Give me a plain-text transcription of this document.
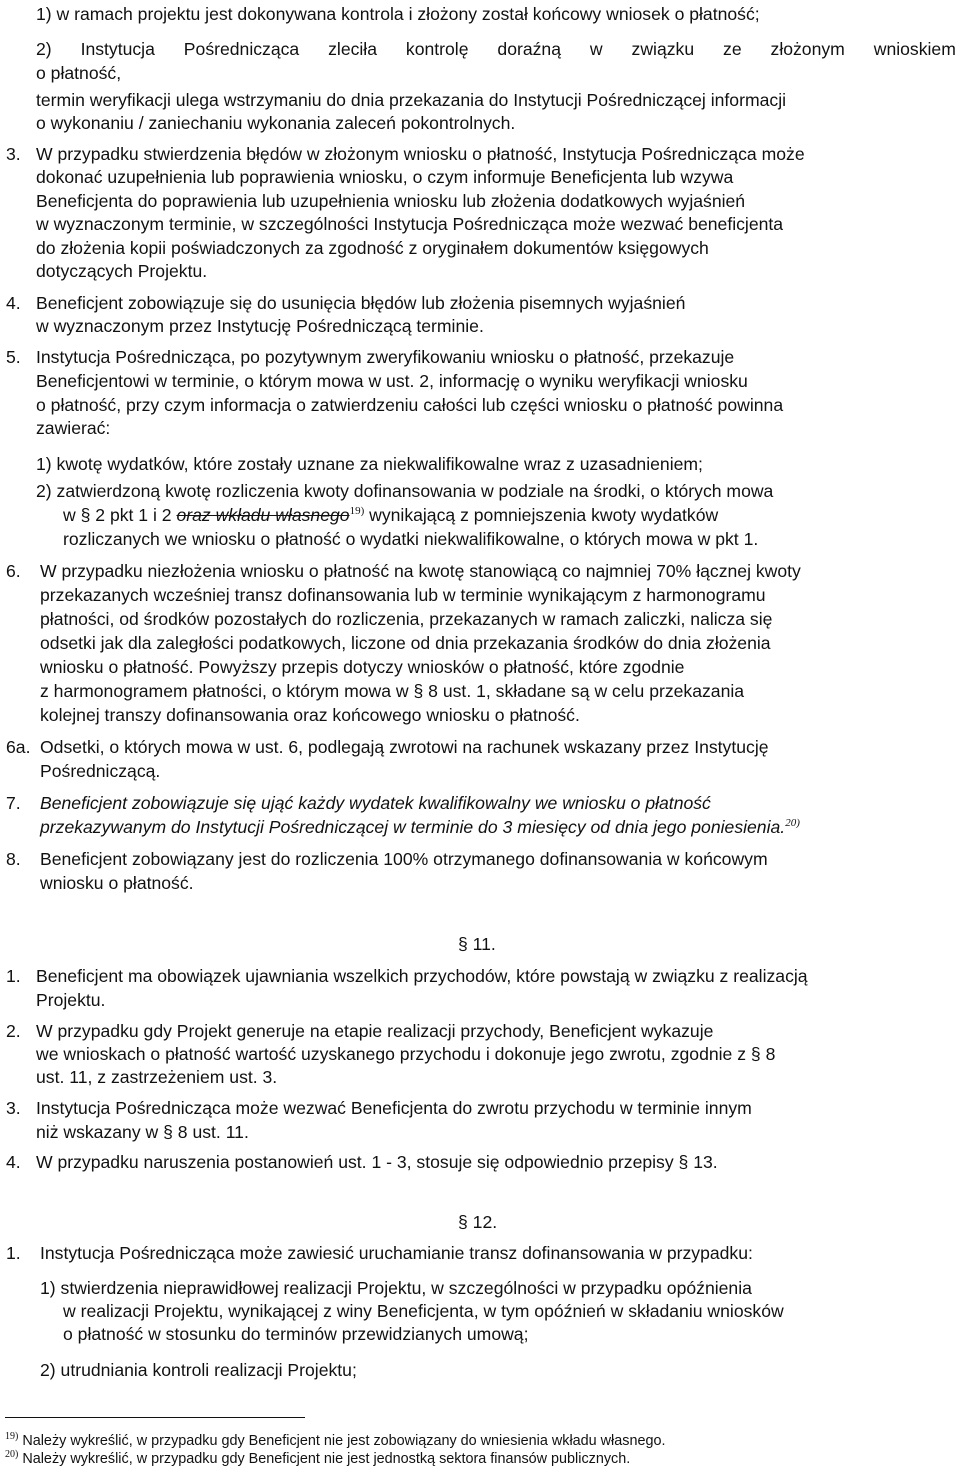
1) w ramach projektu jest dokonywana kontrola i złożony został końcowy wniosek o płatność;
2) Instytucja Pośrednicząca zleciła kontrolę doraźną w związku ze złożonym wnioskiem
o płatność,
termin weryfikacji ulega wstrzymaniu do dnia przekazania do Instytucji Pośredniczącej informacji
o wykonaniu / zaniechaniu wykonania zaleceń pokontrolnych.
3. W przypadku stwierdzenia błędów w złożonym wniosku o płatność, Instytucja Pośrednicząca może
dokonać uzupełnienia lub poprawienia wniosku, o czym informuje Beneficjenta lub wzywa
Beneficjenta do poprawienia lub uzupełnienia wniosku lub złożenia dodatkowych wyjaśnień
w wyznaczonym terminie, w szczególności Instytucja Pośrednicząca może wezwać beneficjenta
do złożenia kopii poświadczonych za zgodność z oryginałem dokumentów księgowych
dotyczących Projektu.
4. Beneficjent zobowiązuje się do usunięcia błędów lub złożenia pisemnych wyjaśnień
w wyznaczonym przez Instytucję Pośredniczącą terminie.
5. Instytucja Pośrednicząca, po pozytywnym zweryfikowaniu wniosku o płatność, przekazuje
Beneficjentowi w terminie, o którym mowa w ust. 2, informację o wyniku weryfikacji wniosku
o płatność, przy czym informacja o zatwierdzeniu całości lub części wniosku o płatność powinna
zawierać:
1) kwotę wydatków, które zostały uznane za niekwalifikowalne wraz z uzasadnieniem;
2) zatwierdzoną kwotę rozliczenia kwoty dofinansowania w podziale na środki, o których mowa
w § 2 pkt 1 i 2 oraz wkładu własnego$^{19)}$ wynikającą z pomniejszenia kwoty wydatków
rozliczanych we wniosku o płatność o wydatki niekwalifikowalne, o których mowa w pkt 1.
6. W przypadku niezłożenia wniosku o płatność na kwotę stanowiącą co najmniej 70% łącznej kwoty
przekazanych wcześniej transz dofinansowania lub w terminie wynikającym z harmonogramu
płatności, od środków pozostałych do rozliczenia, przekazanych w ramach zaliczki, nalicza się
odsetki jak dla zaległości podatkowych, liczone od dnia przekazania środków do dnia złożenia
wniosku o płatność. Powyższy przepis dotyczy wniosków o płatność, które zgodnie
z harmonogramem płatności, o którym mowa w § 8 ust. 1, składane są w celu przekazania
kolejnej transzy dofinansowania oraz końcowego wniosku o płatność.
6a. Odsetki, o których mowa w ust. 6, podlegają zwrotowi na rachunek wskazany przez Instytucję
Pośredniczącą.
7. Beneficjent zobowiązuje się ująć każdy wydatek kwalifikowalny we wniosku o płatność
przekazywanym do Instytucji Pośredniczącej w terminie do 3 miesięcy od dnia jego poniesienia.$^{20)}$
8. Beneficjent zobowiązany jest do rozliczenia 100% otrzymanego dofinansowania w końcowym
wniosku o płatność.
§ 11.
1. Beneficjent ma obowiązek ujawniania wszelkich przychodów, które powstają w związku z realizacją
Projektu.
2. W przypadku gdy Projekt generuje na etapie realizacji przychody, Beneficjent wykazuje
we wnioskach o płatność wartość uzyskanego przychodu i dokonuje jego zwrotu, zgodnie z § 8
ust. 11, z zastrzeżeniem ust. 3.
3. Instytucja Pośrednicząca może wezwać Beneficjenta do zwrotu przychodu w terminie innym
niż wskazany w § 8 ust. 11.
4. W przypadku naruszenia postanowień ust. 1 - 3, stosuje się odpowiednio przepisy § 13.
§ 12.
1. Instytucja Pośrednicząca może zawiesić uruchamianie transz dofinansowania w przypadku:
1) stwierdzenia nieprawidłowej realizacji Projektu, w szczególności w przypadku opóźnienia
w realizacji Projektu, wynikającej z winy Beneficjenta, w tym opóźnień w składaniu wniosków
o płatność w stosunku do terminów przewidzianych umową;
2) utrudniania kontroli realizacji Projektu;
$^{19)}$ Należy wykreślić, w przypadku gdy Beneficjent nie jest zobowiązany do wniesienia wkładu własnego.
$^{20)}$ Należy wykreślić, w przypadku gdy Beneficjent nie jest jednostką sektora finansów publicznych.
